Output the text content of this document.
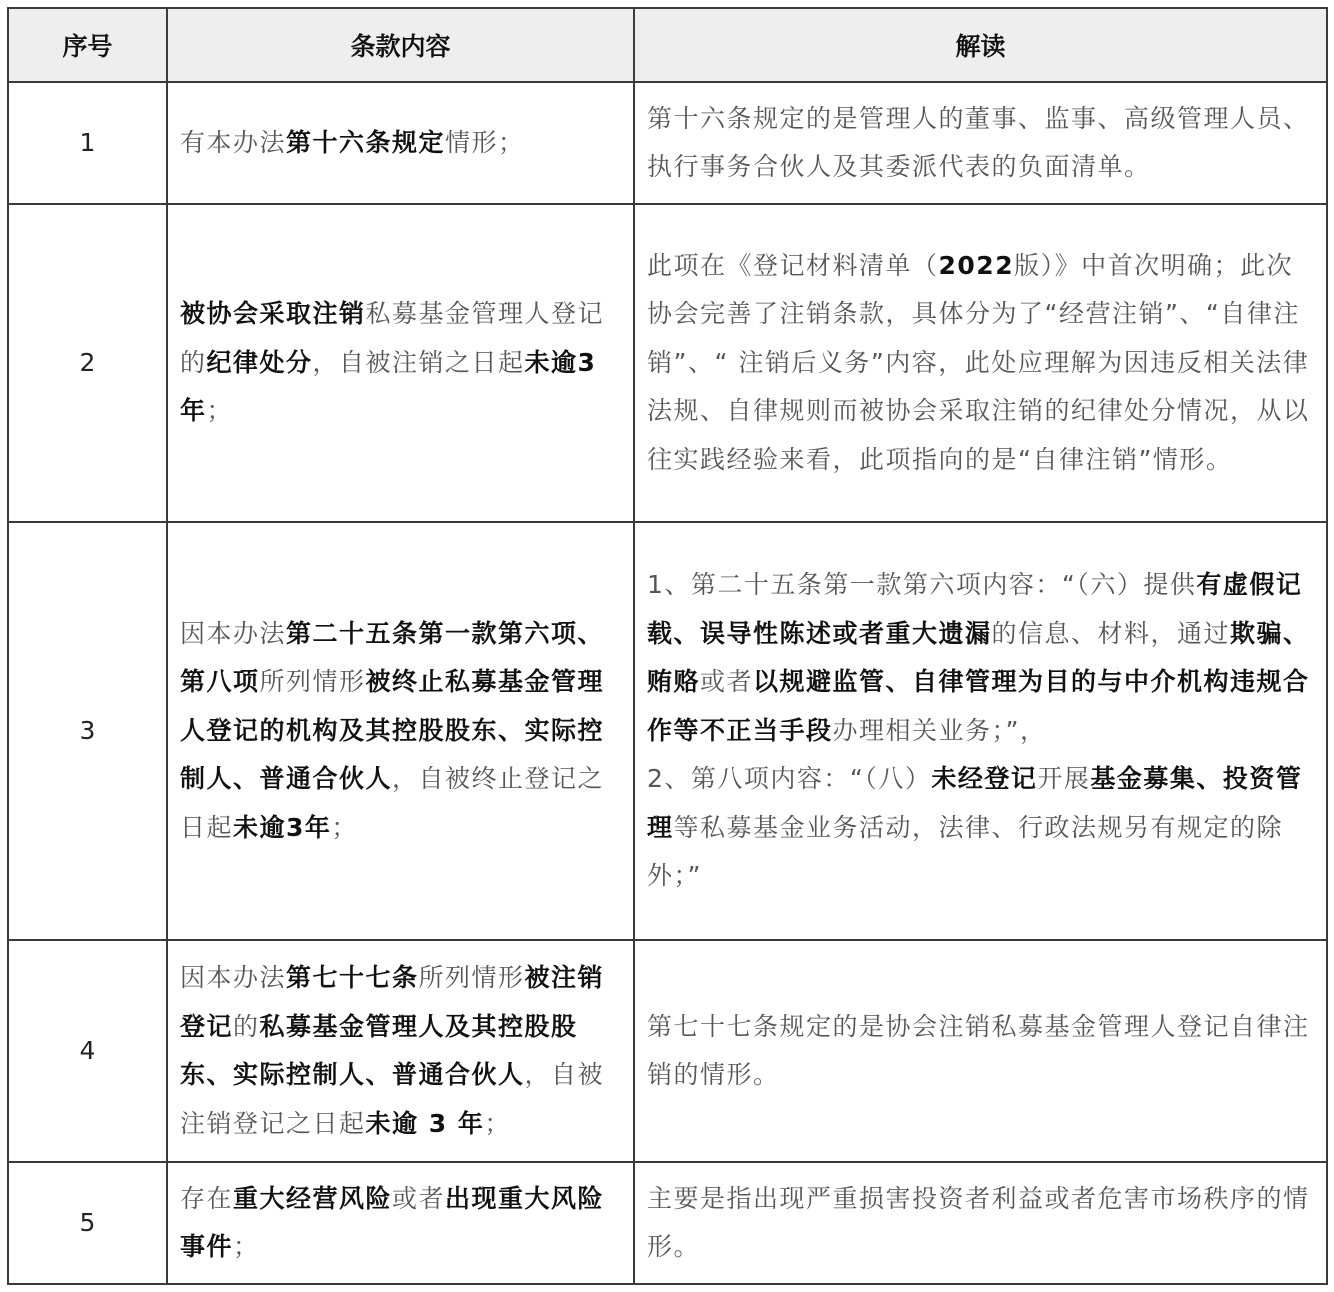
序号	条款内容	解读
1	有本办法第十六条规定情形；	第十六条规定的是管理人的董事、监事、高级管理人员、执行事务合伙人及其委派代表的负面清单。
2	被协会采取注销私募基金管理人登记的纪律处分，自被注销之日起未逾3年；	此项在《登记材料清单（2022版）》中首次明确；此次协会完善了注销条款，具体分为了“经营注销”、“自律注销”、“ 注销后义务”内容，此处应理解为因违反相关法律法规、自律规则而被协会采取注销的纪律处分情况，从以往实践经验来看，此项指向的是“自律注销”情形。
3	因本办法第二十五条第一款第六项、第八项所列情形被终止私募基金管理人登记的机构及其控股股东、实际控制人、普通合伙人，自被终止登记之日起未逾3年；	1、第二十五条第一款第六项内容：“（六）提供有虚假记载、误导性陈述或者重大遗漏的信息、材料，通过欺骗、贿赂或者以规避监管、自律管理为目的与中介机构违规合作等不正当手段办理相关业务；”，
2、第八项内容：“（八）未经登记开展基金募集、投资管理等私募基金业务活动，法律、行政法规另有规定的除外；”
4	因本办法第七十七条所列情形被注销登记的私募基金管理人及其控股股东、实际控制人、普通合伙人，自被注销登记之日起未逾 3 年；	第七十七条规定的是协会注销私募基金管理人登记自律注销的情形。
5	存在重大经营风险或者出现重大风险事件；	主要是指出现严重损害投资者利益或者危害市场秩序的情形。
